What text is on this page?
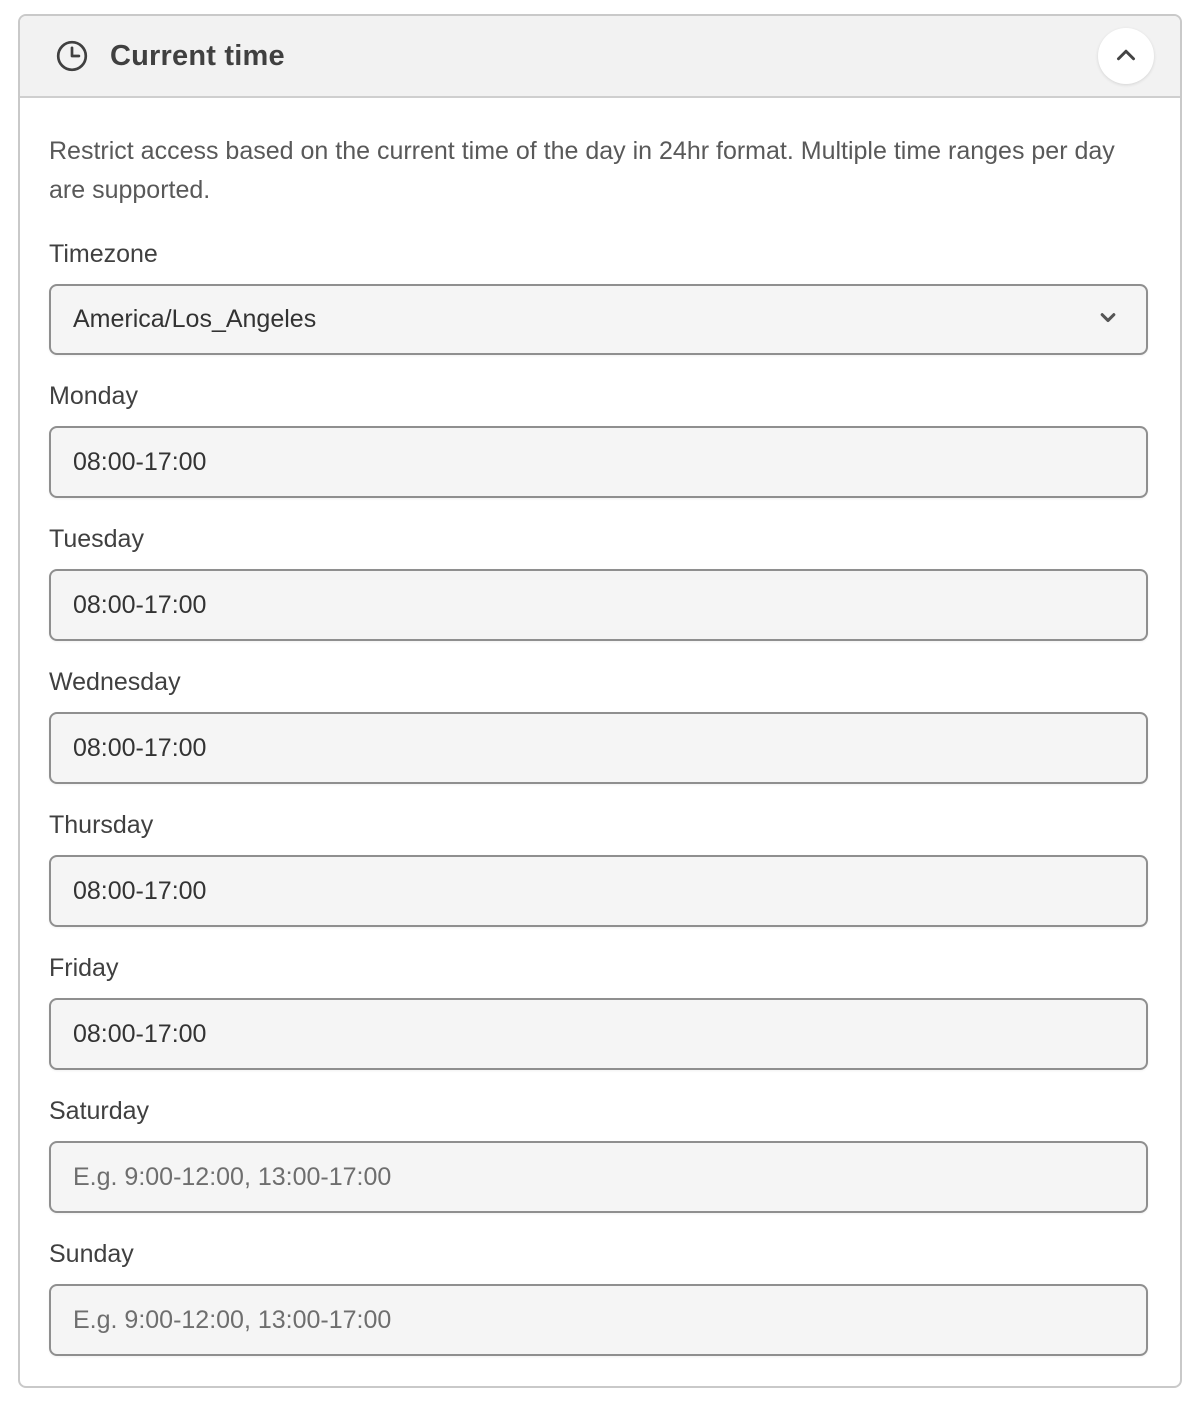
Current time

Restrict access based on the current time of the day in 24hr format. Multiple time ranges per day are supported.

Timezone
America/Los_Angeles
Monday
08:00-17:00
Tuesday
08:00-17:00
Wednesday
08:00-17:00
Thursday
08:00-17:00
Friday
08:00-17:00
Saturday
E.g. 9:00-12:00, 13:00-17:00
Sunday
E.g. 9:00-12:00, 13:00-17:00
